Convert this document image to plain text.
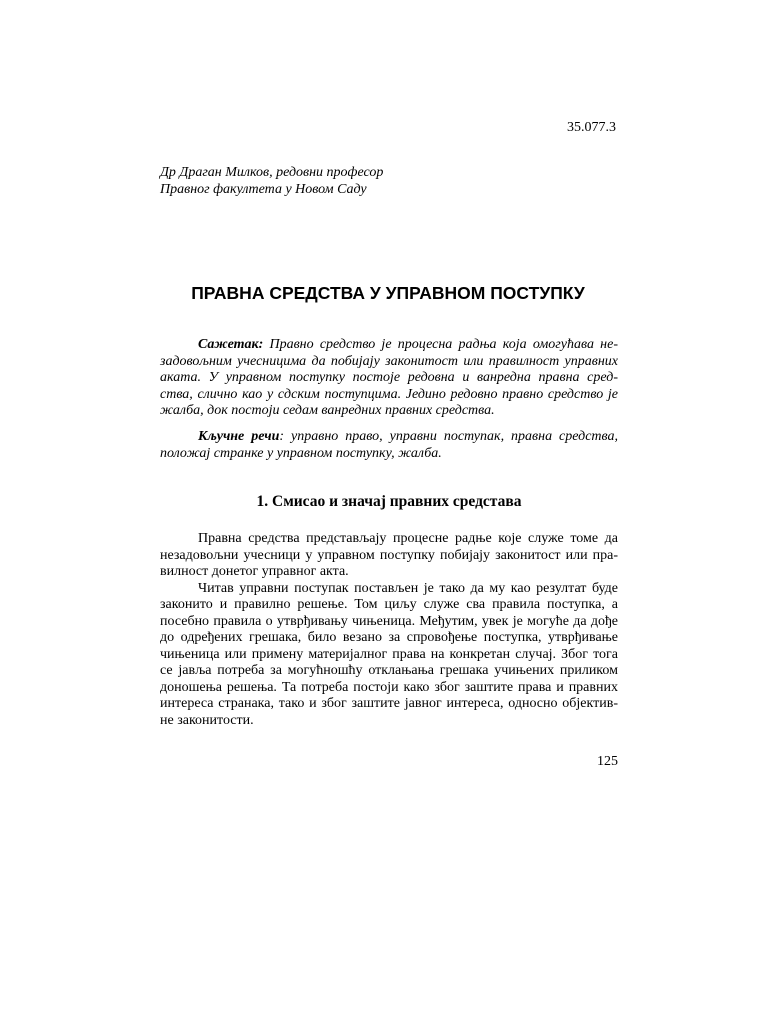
35.077.3
Др Драган Милков, редовни професор
Правног факултета у Новом Саду
ПРАВНА СРЕДСТВА У УПРАВНОМ ПОСТУПКУ
Сажетак: Правно средство је процесна радња која омогућава не-
задовољним учесницима да побијају законитост или правилност управних
аката. У управном поступку постоје редовна и ванредна правна сред-
ства, слично као у сдским поступцима. Једино редовно правно средство је
жалба, док постоји седам ванредних правних средства.
Кључне речи: управно право, управни поступак, правна средства,
положај странке у управном поступку, жалба.
1. Смисао и значај правних средстава
Правна средства представљају процесне радње које служе томе да
незадовољни учесници у управном поступку побијају законитост или пра-
вилност донетог управног акта.
Читав управни поступак постављен је тако да му као резултат буде
законито и правилно решење. Том циљу служе сва правила поступка, а
посебно правила о утврђивању чињеница. Међутим, увек је могуће да дође
до одређених грешака, било везано за спровођење поступка, утврђивање
чињеница или примену материјалног права на конкретан случај. Због тога
се јавља потреба за могућношћу отклањања грешака учињених приликом
доношења решења. Та потреба постоји како због заштите права и правних
интереса странака, тако и због заштите јавног интереса, односно објектив-
не законитости.
125
